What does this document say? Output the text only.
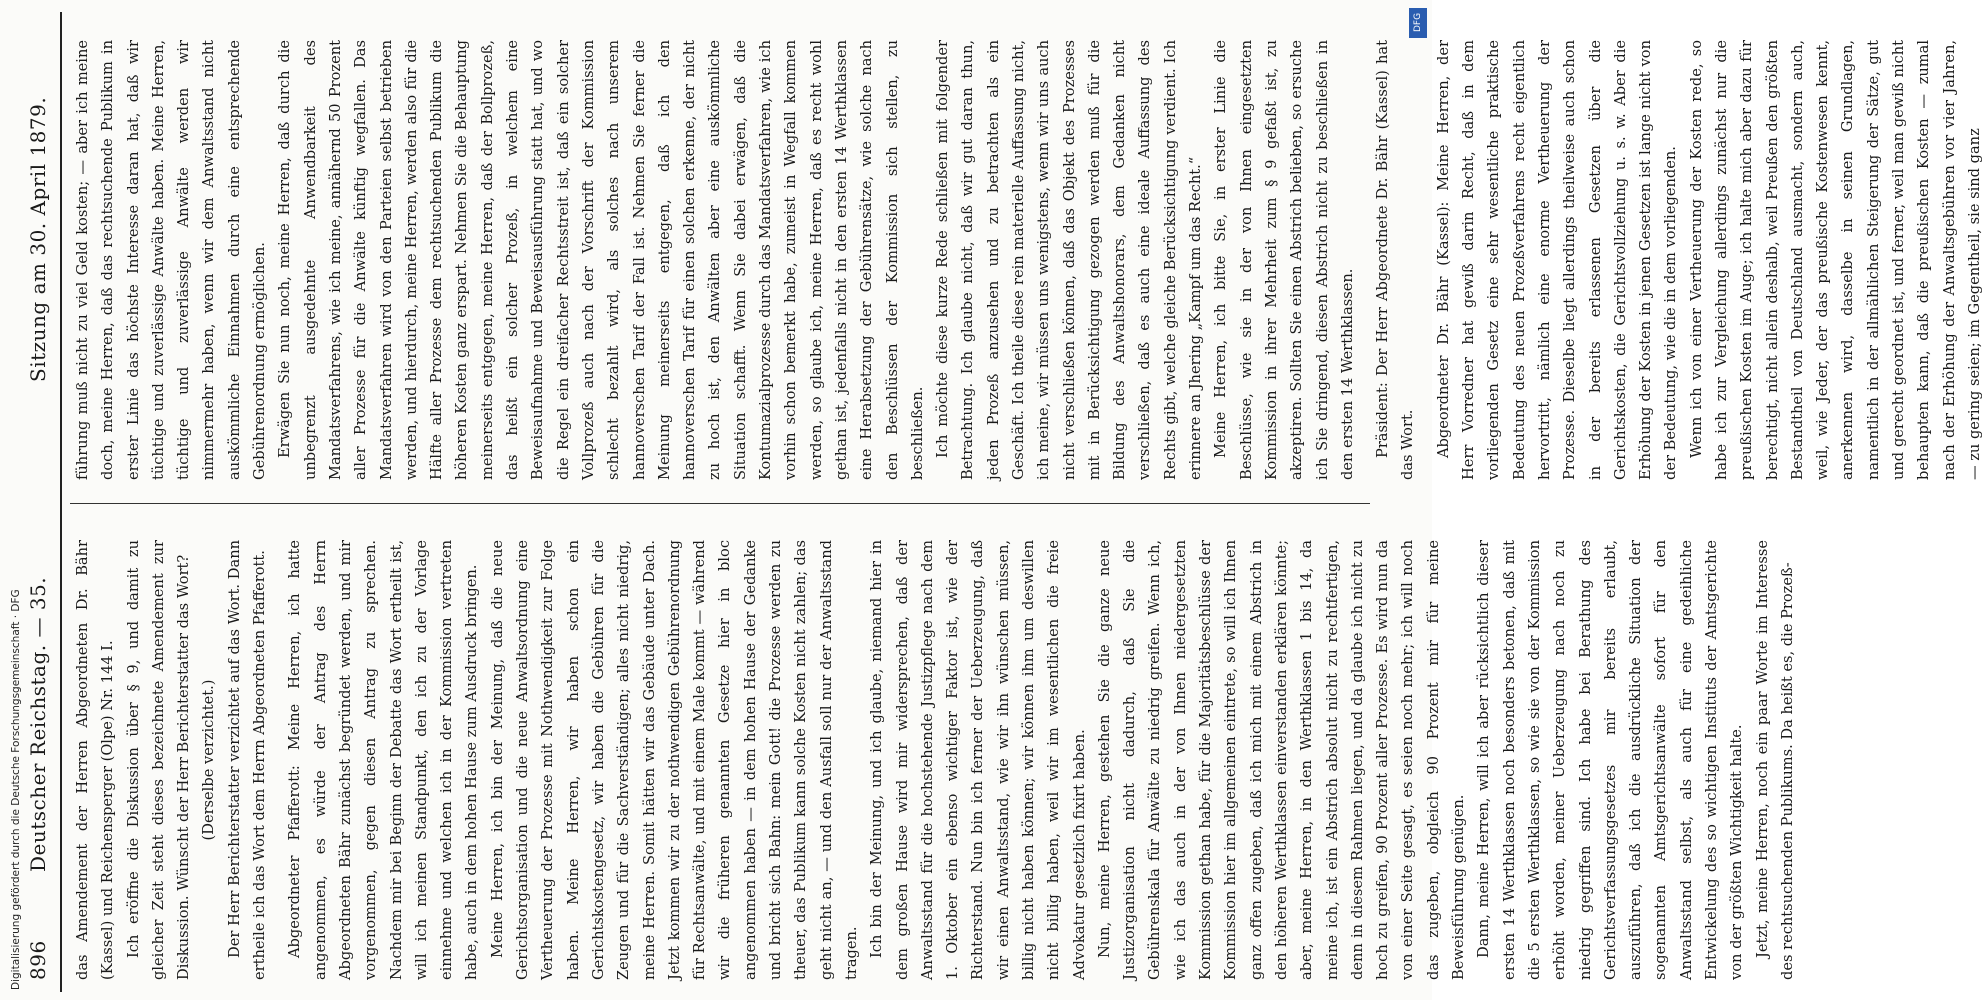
896
Deutscher Reichstag. — 35.
Sitzung am 30. April 1879.

das Amendement der Herren Abgeordneten Dr. Bähr (Kassel) und Reichensperger (Olpe) Nr. 144 I. Ich eröffne die Diskussion über § 9, und damit zu gleicher Zeit steht dieses bezeichnete Amendement zur Diskussion. Wünscht der Herr Berichterstatter das Wort? (Derselbe verzichtet.) Der Herr Berichterstatter verzichtet auf das Wort. Dann ertheile ich das Wort dem Herrn Abgeordneten Pfafferott. Abgeordneter Pfafferott: Meine Herren, ich hatte angenommen, es würde der Antrag des Herrn Abgeordneten Bähr zunächst begründet werden, und mir vorgenommen, gegen diesen Antrag zu sprechen. Nachdem mir bei Beginn der Debatte das Wort ertheilt ist, will ich meinen Standpunkt, den ich zu der Vorlage einnehme und welchen ich in der Kommission vertreten habe, auch in dem hohen Hause zum Ausdruck bringen. Meine Herren, ich bin der Meinung, daß die neue Gerichtsorganisation und die neue Anwaltsordnung eine Vertheuerung der Prozesse mit Nothwendigkeit zur Folge haben. Meine Herren, wir haben schon ein Gerichtskostengesetz, wir haben die Gebühren für die Zeugen und für die Sachverständigen; alles nicht niedrig, meine Herren. Somit hätten wir das Gebäude unter Dach. Jetzt kommen wir zu der nothwendigen Gebührenordnung für Rechtsanwälte, und mit einem Male kommt — während wir die früheren genannten Gesetze hier in bloc angenommen haben — in dem hohen Hause der Gedanke und bricht sich Bahn: mein Gott! die Prozesse werden zu theuer, das Publikum kann solche Kosten nicht zahlen; das geht nicht an, — und den Ausfall soll nur der Anwaltsstand tragen. Ich bin der Meinung, und ich glaube, niemand hier in dem großen Hause wird mir widersprechen, daß der Anwaltsstand für die hochstehende Justizpflege nach dem 1. Oktober ein ebenso wichtiger Faktor ist, wie der Richterstand. Nun bin ich ferner der Ueberzeugung, daß wir einen Anwaltsstand, wie wir ihn wünschen müssen, billig nicht haben können; wir können ihm um deswillen nicht billig haben, weil wir im wesentlichen die freie Advokatur gesetzlich fixirt haben. Nun, meine Herren, gestehen Sie die ganze neue Justizorganisation nicht dadurch, daß Sie die Gebührenskala für Anwälte zu niedrig greifen. Wenn ich, wie ich das auch in der von Ihnen niedergesetzten Kommission gethan habe, für die Majoritätsbeschlüsse der Kommission hier im allgemeinen eintrete, so will ich Ihnen ganz offen zugeben, daß ich mich mit einem Abstrich in den höheren Werthklassen einverstanden erklären könnte; aber, meine Herren, in den Werthklassen 1 bis 14, da meine ich, ist ein Abstrich absolut nicht zu rechtfertigen, denn in diesem Rahmen liegen, und da glaube ich nicht zu hoch zu greifen, 90 Prozent aller Prozesse. Es wird nun da von einer Seite gesagt, es seien noch mehr; ich will noch das zugeben, obgleich 90 Prozent mir für meine Beweisführung genügen. Dann, meine Herren, will ich aber rücksichtlich dieser ersten 14 Werthklassen noch besonders betonen, daß mit die 5 ersten Werthklassen, so wie sie von der Kommission erhöht worden, meiner Ueberzeugung nach noch zu niedrig gegriffen sind. Ich habe bei Berathung des Gerichtsverfassungsgesetzes mir bereits erlaubt, auszuführen, daß ich die ausdrückliche Situation der sogenannten Amtsgerichtsanwälte sofort für den Anwaltsstand selbst, als auch für eine gedeihliche Entwickelung des so wichtigen Instituts der Amtsgerichte von der größten Wichtigkeit halte. Jetzt, meine Herren, noch ein paar Worte im Interesse des rechtsuchenden Publikums. Da heißt es, die Prozeß-

führung muß nicht zu viel Geld kosten; — aber ich meine doch, meine Herren, daß das rechtsuchende Publikum in erster Linie das höchste Interesse daran hat, daß wir tüchtige und zuverlässige Anwälte haben. Meine Herren, tüchtige und zuverlässige Anwälte werden wir nimmermehr haben, wenn wir dem Anwaltsstand nicht auskömmliche Einnahmen durch eine entsprechende Gebührenordnung ermöglichen. Erwägen Sie nun noch, meine Herren, daß durch die unbegrenzt ausgedehnte Anwendbarkeit des Mandatsverfahrens, wie ich meine, annähernd 50 Prozent aller Prozesse für die Anwälte künftig wegfallen. Das Mandatsverfahren wird von den Parteien selbst betrieben werden, und hierdurch, meine Herren, werden also für die Hälfte aller Prozesse dem rechtsuchenden Publikum die höheren Kosten ganz erspart. Nehmen Sie die Behauptung meinerseits entgegen, meine Herren, daß der Bollprozeß, das heißt ein solcher Prozeß, in welchem eine Beweisaufnahme und Beweisausführung statt hat, und wo die Regel ein dreifacher Rechtsstreit ist, daß ein solcher Vollprozeß auch nach der Vorschrift der Kommission schlecht bezahlt wird, als solches nach unserem hannoverschen Tarif der Fall ist. Nehmen Sie ferner die Meinung meinerseits entgegen, daß ich den hannoverschen Tarif für einen solchen erkenne, der nicht zu hoch ist, den Anwälten aber eine auskömmliche Situation schafft. Wenn Sie dabei erwägen, daß die Kontumazialprozesse durch das Mandatsverfahren, wie ich vorhin schon bemerkt habe, zumeist in Wegfall kommen werden, so glaube ich, meine Herren, daß es recht wohl gethan ist, jedenfalls nicht in den ersten 14 Werthklassen eine Herabsetzung der Gebührensätze, wie solche nach den Beschlüssen der Kommission sich stellen, zu beschließen. Ich möchte diese kurze Rede schließen mit folgender Betrachtung. Ich glaube nicht, daß wir gut daran thun, jeden Prozeß anzusehen und zu betrachten als ein Geschäft. Ich theile diese rein materielle Auffassung nicht, ich meine, wir müssen uns wenigstens, wenn wir uns auch nicht verschließen können, daß das Objekt des Prozesses mit in Berücksichtigung gezogen werden muß für die Bildung des Anwaltshonorars, dem Gedanken nicht verschließen, daß es auch eine ideale Auffassung des Rechts gibt, welche gleiche Berücksichtigung verdient. Ich erinnere an Jhering „Kampf um das Recht.“ Meine Herren, ich bitte Sie, in erster Linie die Beschlüsse, wie sie in der von Ihnen eingesetzten Kommission in ihrer Mehrheit zum § 9 gefaßt ist, zu akzeptiren. Sollten Sie einen Abstrich belieben, so ersuche ich Sie dringend, diesen Abstrich nicht zu beschließen in den ersten 14 Werthklassen. Präsident: Der Herr Abgeordnete Dr. Bähr (Kassel) hat das Wort. Abgeordneter Dr. Bähr (Kassel): Meine Herren, der Herr Vorredner hat gewiß darin Recht, daß in dem vorliegenden Gesetz eine sehr wesentliche praktische Bedeutung des neuen Prozeßverfahrens recht eigentlich hervortritt, nämlich eine enorme Vertheuerung der Prozesse. Dieselbe liegt allerdings theilweise auch schon in der bereits erlassenen Gesetzen über die Gerichtskosten, die Gerichtsvollziehung u. s. w. Aber die Erhöhung der Kosten in jenen Gesetzen ist lange nicht von der Bedeutung, wie die in dem vorliegenden. Wenn ich von einer Vertheuerung der Kosten rede, so habe ich zur Vergleichung allerdings zunächst nur die preußischen Kosten im Auge; ich halte mich aber dazu für berechtigt, nicht allein deshalb, weil Preußen den größten Bestandtheil von Deutschland ausmacht, sondern auch, weil, wie Jeder, der das preußische Kostenwesen kennt, anerkennen wird, dasselbe in seinen Grundlagen, namentlich in der allmählichen Steigerung der Sätze, gut und gerecht geordnet ist, und ferner, weil man gewiß nicht behaupten kann, daß die preußischen Kosten — zumal nach der Erhöhung der Anwaltsgebühren vor vier Jahren, — zu gering seien; im Gegentheil, sie sind ganz

DFG
Digitalisierung gefördert durch die Deutsche Forschungsgemeinschaft · DFG
